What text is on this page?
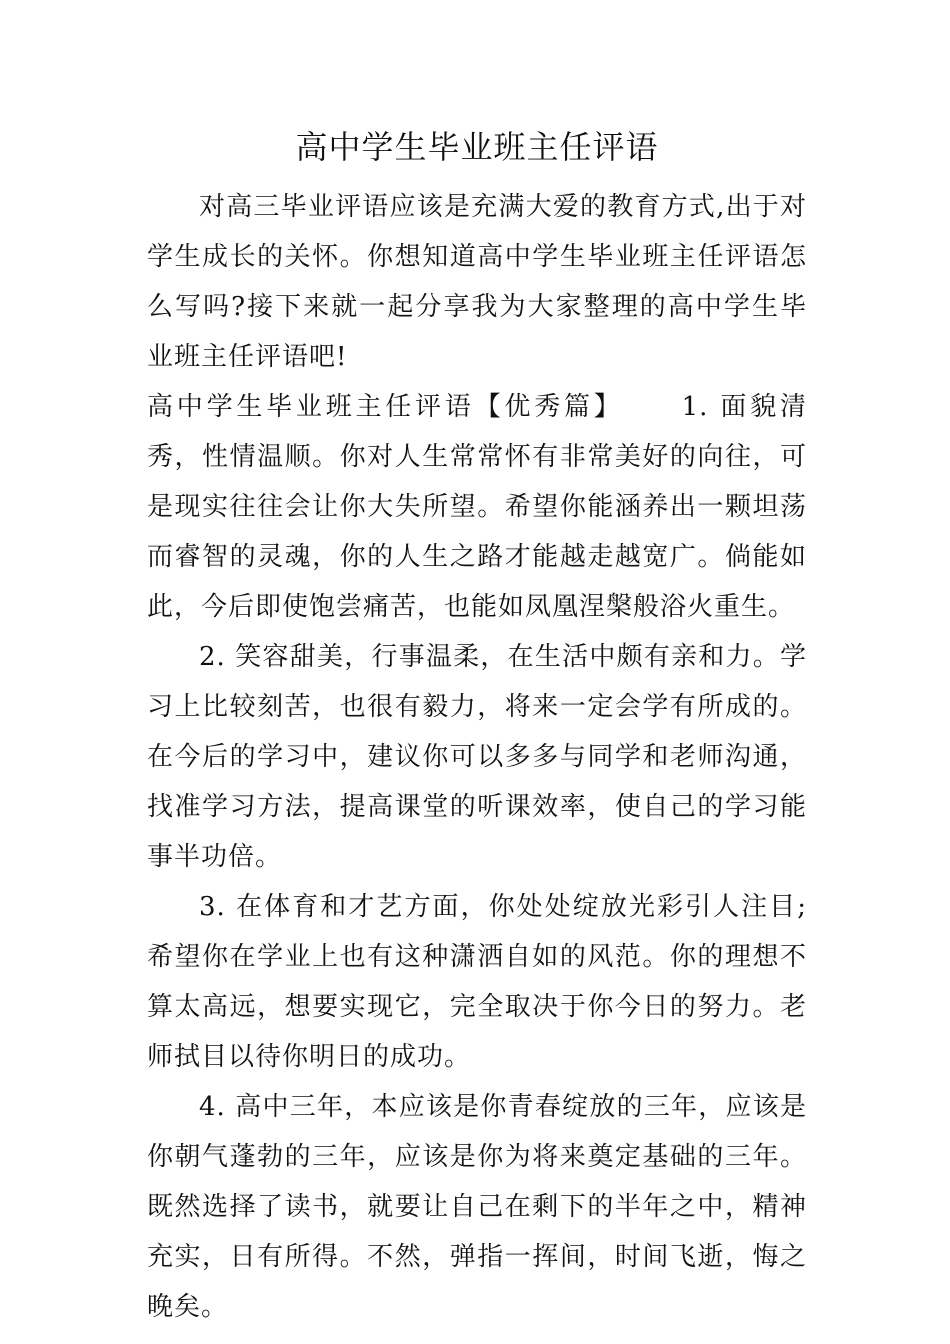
高中学生毕业班主任评语

对高三毕业评语应该是充满大爱的教育方式,出于对学生成长的关怀。你想知道高中学生毕业班主任评语怎么写吗?接下来就一起分享我为大家整理的高中学生毕业班主任评语吧!

高中学生毕业班主任评语【优秀篇】 1. 面貌清秀，性情温顺。你对人生常常怀有非常美好的向往，可是现实往往会让你大失所望。希望你能涵养出一颗坦荡而睿智的灵魂，你的人生之路才能越走越宽广。倘能如此，今后即使饱尝痛苦，也能如凤凰涅槃般浴火重生。

2. 笑容甜美，行事温柔，在生活中颇有亲和力。学习上比较刻苦，也很有毅力，将来一定会学有所成的。在今后的学习中，建议你可以多多与同学和老师沟通，找准学习方法，提高课堂的听课效率，使自己的学习能事半功倍。

3. 在体育和才艺方面，你处处绽放光彩引人注目;希望你在学业上也有这种潇洒自如的风范。你的理想不算太高远，想要实现它，完全取决于你今日的努力。老师拭目以待你明日的成功。

4. 高中三年，本应该是你青春绽放的三年，应该是你朝气蓬勃的三年，应该是你为将来奠定基础的三年。既然选择了读书，就要让自己在剩下的半年之中，精神充实，日有所得。不然，弹指一挥间，时间飞逝，悔之晚矣。
